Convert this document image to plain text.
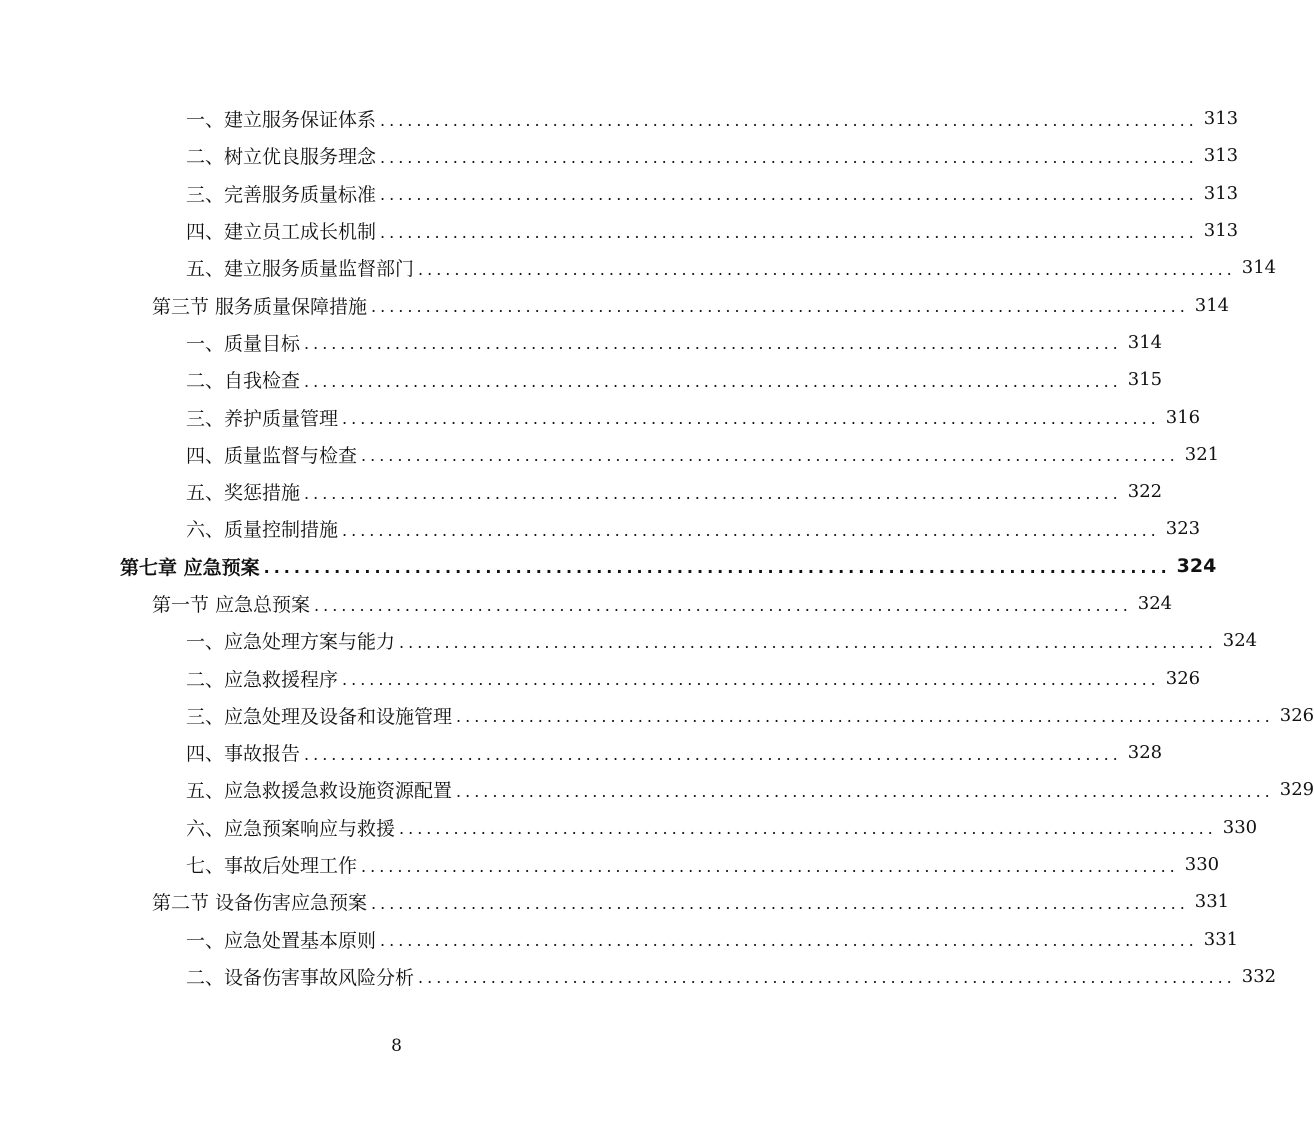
一、建立服务保证体系 .......................................................................................... 313
二、树立优良服务理念 .......................................................................................... 313
三、完善服务质量标准 .......................................................................................... 313
四、建立员工成长机制 .......................................................................................... 313
五、建立服务质量监督部门 .......................................................................................... 314
第三节 服务质量保障措施 .......................................................................................... 314
一、质量目标 .......................................................................................... 314
二、自我检查 .......................................................................................... 315
三、养护质量管理 .......................................................................................... 316
四、质量监督与检查 .......................................................................................... 321
五、奖惩措施 .......................................................................................... 322
六、质量控制措施 .......................................................................................... 323
第七章 应急预案 .......................................................................................... 324
第一节 应急总预案 .......................................................................................... 324
一、应急处理方案与能力 .......................................................................................... 324
二、应急救援程序 .......................................................................................... 326
三、应急处理及设备和设施管理 .......................................................................................... 326
四、事故报告 .......................................................................................... 328
五、应急救援急救设施资源配置 .......................................................................................... 329
六、应急预案响应与救援 .......................................................................................... 330
七、事故后处理工作 .......................................................................................... 330
第二节 设备伤害应急预案 .......................................................................................... 331
一、应急处置基本原则 .......................................................................................... 331
二、设备伤害事故风险分析 .......................................................................................... 332
8
